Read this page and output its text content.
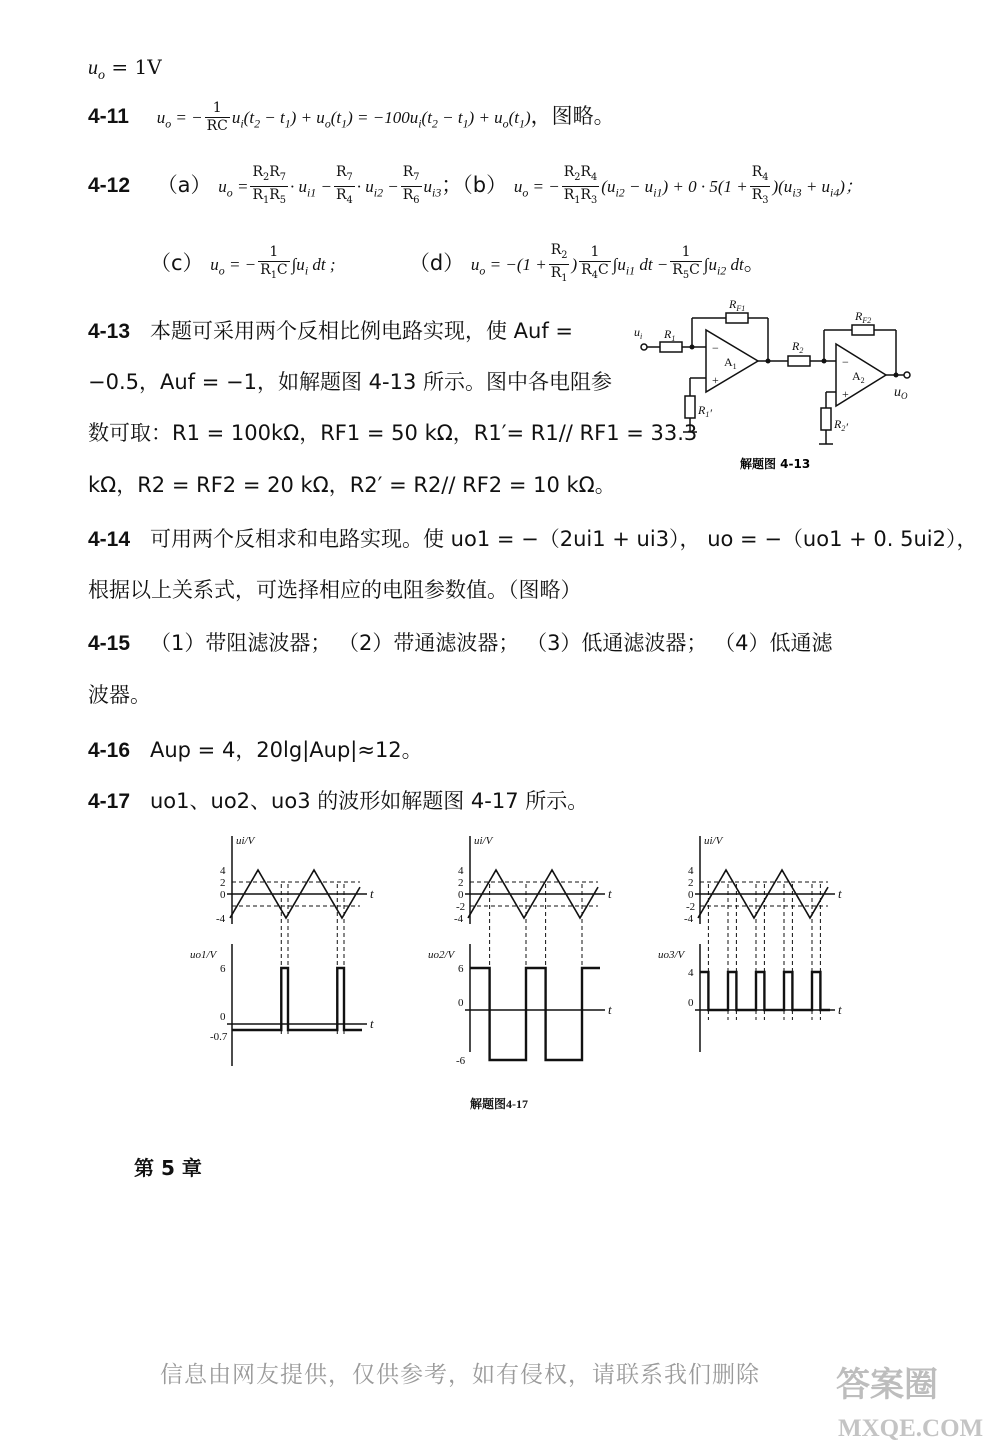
$u_o = 1V$
4-11 $u_o$ = − $\frac{1}{RC} u_i(t_2 - t_1) + u_o(t_1) = -100u_i(t_2 - t_1) + u_o(t_1)$，图略。
4-12 （a） $u_o = \frac{R_2R_7}{R_1R_5} \cdot u_{i1} - \frac{R_7}{R_4} \cdot u_{i2} - \frac{R_7}{R_6} u_{i3}$；（b） $u_o$ = − $\frac{R_2R_4}{R_1R_3} (u_{i2} - u_{i1}) + 0 \cdot 5(1 + \frac{R_4}{R_3} )(u_{i3} + u_{i4})$；
（c） $u_o$ = − $\frac{1}{R_1C} \int u_i$ dt ;	（d） $u_o = -(1 + \frac{R_2}{R_1}$ ) $\frac{1}{R_4C} \int u_{i1}$ dt − $\frac{1}{R_5C} \int u_{i2}$ dt。
4-13 本题可采用两个反相比例电路实现，使 Auf =
−0.5，Auf = −1，如解题图 4-13 所示。图中各电阻参
数可取：R1 = 100kΩ，RF1 = 50 kΩ，R1′= R1// RF1 = 33.3
kΩ，R2 = RF2 = 20 kΩ，R2′ = R2// RF2 = 10 kΩ。
$u_i$ $R_1$
$R_{F1}$
$A_1$
−
+
$R_2$
$R_{F2}$
$A_2$
−
+
$R_1'$
$R_2'$
$u_O$
解题图 4-13
4-14 可用两个反相求和电路实现。使 uo1 = −（2ui1 + ui3）， uo = −（uo1 + 0. 5ui2），
根据以上关系式，可选择相应的电阻参数值。（图略）
4-15 （1）带阻滤波器； （2）带通滤波器； （3）低通滤波器； （4）低通滤
波器。
4-16 Aup = 4，20lg|Aup|≈12。
4-17 uo1、uo2、uo3 的波形如解题图 4-17 所示。
ui/V
t
4
2
0
-4
uo1/V
t
6
0
-0.7
ui/V
t
4
2
0
-2
-4
uo2/V
t
6
0
-6
ui/V
t
4
2
0
-2
-4
uo3/V
t
4
0
解题图4-17
第 5 章
信息由网友提供，仅供参考，如有侵权，请联系我们删除 答案圈
MXQE.COM
